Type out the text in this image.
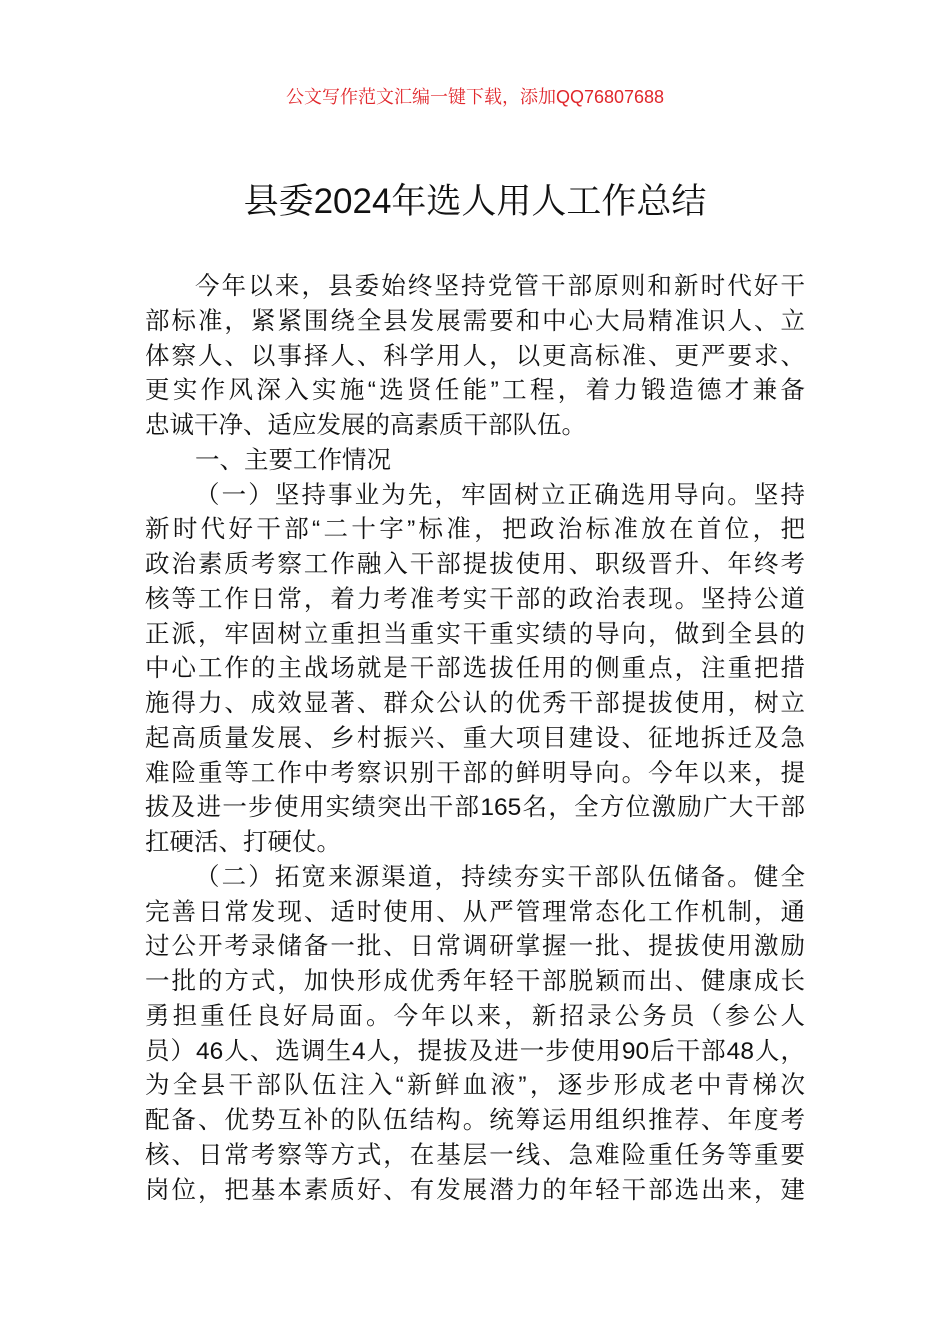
公文写作范文汇编一键下载，添加QQ76807688
县委2024年选人用人工作总结
今年以来，县委始终坚持党管干部原则和新时代好干
部标准，紧紧围绕全县发展需要和中心大局精准识人、立
体察人、以事择人、科学用人，以更高标准、更严要求、
更实作风深入实施“选贤任能”工程，着力锻造德才兼备
忠诚干净、适应发展的高素质干部队伍。
一、主要工作情况
（一）坚持事业为先，牢固树立正确选用导向。坚持
新时代好干部“二十字”标准，把政治标准放在首位，把
政治素质考察工作融入干部提拔使用、职级晋升、年终考
核等工作日常，着力考准考实干部的政治表现。坚持公道
正派，牢固树立重担当重实干重实绩的导向，做到全县的
中心工作的主战场就是干部选拔任用的侧重点，注重把措
施得力、成效显著、群众公认的优秀干部提拔使用，树立
起高质量发展、乡村振兴、重大项目建设、征地拆迁及急
难险重等工作中考察识别干部的鲜明导向。今年以来，提
拔及进一步使用实绩突出干部165名，全方位激励广大干部
扛硬活、打硬仗。
（二）拓宽来源渠道，持续夯实干部队伍储备。健全
完善日常发现、适时使用、从严管理常态化工作机制，通
过公开考录储备一批、日常调研掌握一批、提拔使用激励
一批的方式，加快形成优秀年轻干部脱颖而出、健康成长
勇担重任良好局面。今年以来，新招录公务员（参公人
员）46人、选调生4人，提拔及进一步使用90后干部48人，
为全县干部队伍注入“新鲜血液”，逐步形成老中青梯次
配备、优势互补的队伍结构。统筹运用组织推荐、年度考
核、日常考察等方式，在基层一线、急难险重任务等重要
岗位，把基本素质好、有发展潜力的年轻干部选出来，建
